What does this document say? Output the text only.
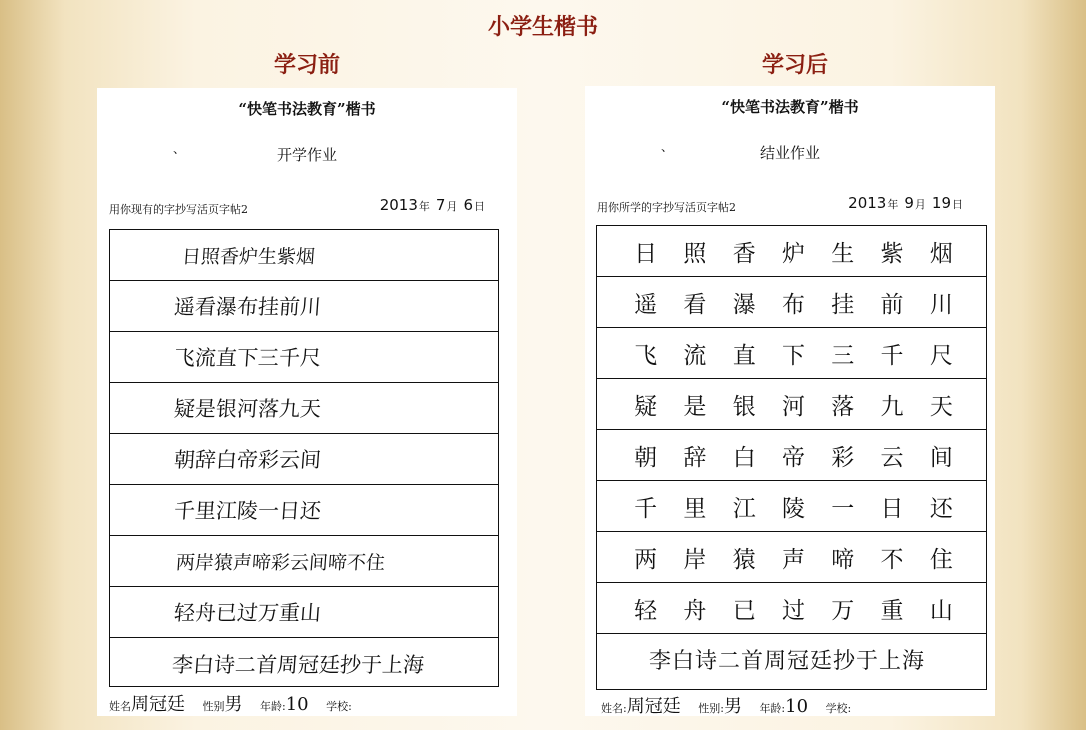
小学生楷书
学习前	学习后
“快笔书法教育”楷书
、	开学作业
用你现有的字抄写活页字帖2	2013年 7月 6日
日照香炉生紫烟
遥看瀑布挂前川
飞流直下三千尺
疑是银河落九天
朝辞白帝彩云间
千里江陵一日还
两岸猿声啼彩云间啼不住
轻舟已过万重山
李白诗二首周冠廷抄于上海
姓名周冠廷 性别男 年龄:10 学校:
“快笔书法教育”楷书
、	结业作业
用你所学的字抄写活页字帖2	2013年 9月 19日
日 照 香 炉 生 紫 烟
遥 看 瀑 布 挂 前 川
飞 流 直 下 三 千 尺
疑 是 银 河 落 九 天
朝 辞 白 帝 彩 云 间
千 里 江 陵 一 日 还
两 岸 猿 声 啼 不 住
轻 舟 已 过 万 重 山
李白诗二首周冠廷抄于上海
姓名:周冠廷 性别:男 年龄:10 学校:
